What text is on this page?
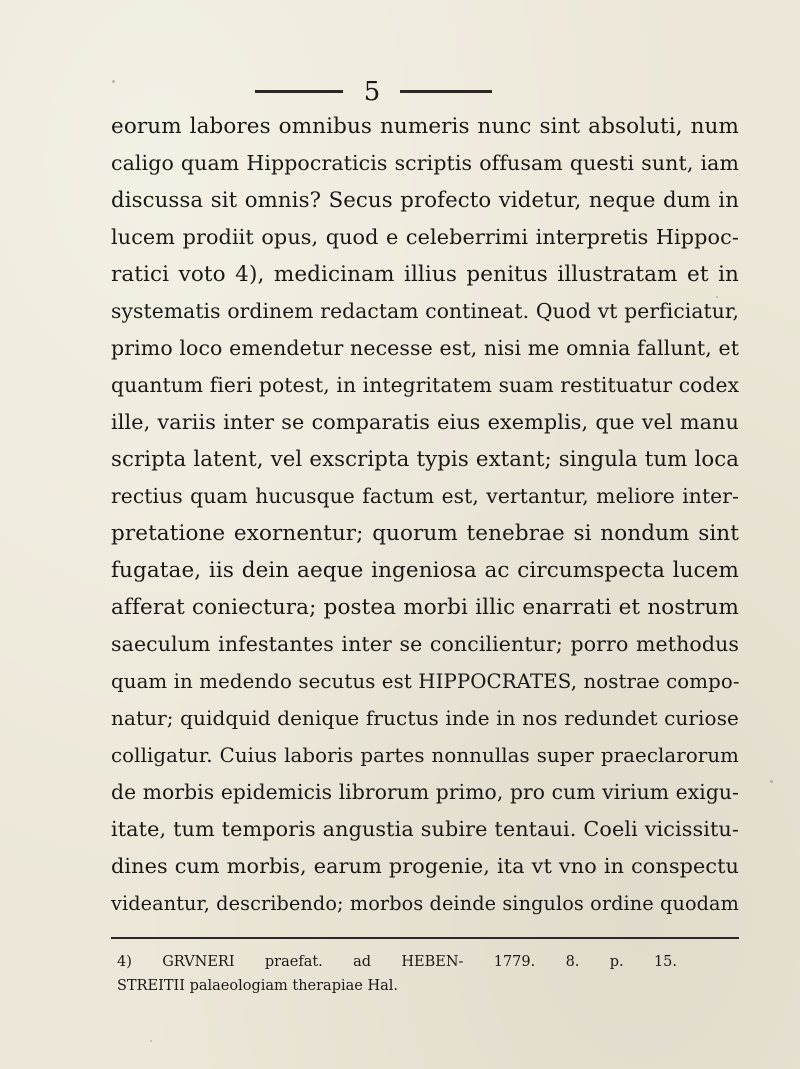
5
eorum labores omnibus numeris nunc sint absoluti, num
caligo quam Hippocraticis scriptis offusam questi sunt, iam
discussa sit omnis? Secus profecto videtur, neque dum in
lucem prodiit opus, quod e celeberrimi interpretis Hippoc-
ratici voto 4), medicinam illius penitus illustratam et in
systematis ordinem redactam contineat. Quod vt perficiatur,
primo loco emendetur necesse est, nisi me omnia fallunt, et
quantum fieri potest, in integritatem suam restituatur codex
ille, variis inter se comparatis eius exemplis, que vel manu
scripta latent, vel exscripta typis extant; singula tum loca
rectius quam hucusque factum est, vertantur, meliore inter-
pretatione exornentur; quorum tenebrae si nondum sint
fugatae, iis dein aeque ingeniosa ac circumspecta lucem
afferat coniectura; postea morbi illic enarrati et nostrum
saeculum infestantes inter se concilientur; porro methodus
quam in medendo secutus est HIPPOCRATES, nostrae compo-
natur; quidquid denique fructus inde in nos redundet curiose
colligatur. Cuius laboris partes nonnullas super praeclarorum
de morbis epidemicis librorum primo, pro cum virium exigu-
itate, tum temporis angustia subire tentaui. Coeli vicissitu-
dines cum morbis, earum progenie, ita vt vno in conspectu
videantur, describendo; morbos deinde singulos ordine quodam
4) GRVNERI praefat. ad HEBEN- 1779. 8. p. 15.
STREITII palaeologiam therapiae Hal.
